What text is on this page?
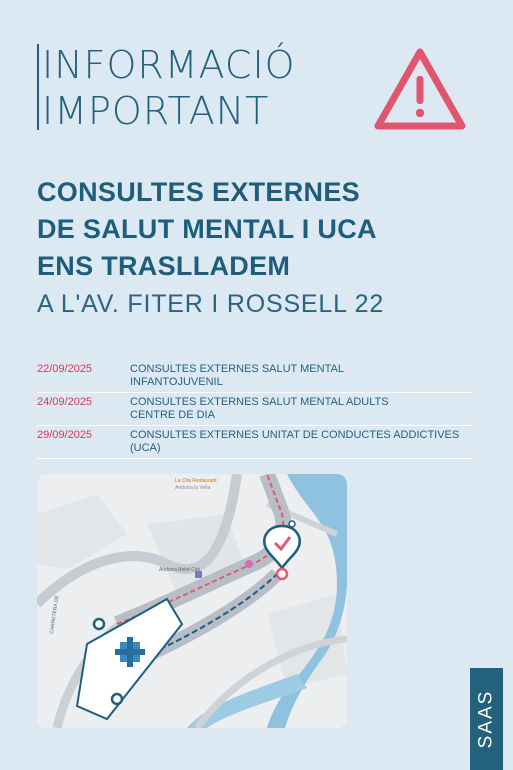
INFORMACIÓ
IMPORTANT
CONSULTES EXTERNES
DE SALUT MENTAL I UCA
ENS TRASLLADEM
A L'AV. FITER I ROSSELL 22
22/09/2025	CONSULTES EXTERNES SALUT MENTAL
INFANTOJUVENIL
24/09/2025	CONSULTES EXTERNES SALUT MENTAL ADULTS
CENTRE DE DIA
29/09/2025	CONSULTES EXTERNES UNITAT DE CONDUCTES ADDICTIVES
(UCA)
La Cita Restaurant
Andorra la Vella
Andorra Bebé Cité
CARRETERA DE
SAAS
